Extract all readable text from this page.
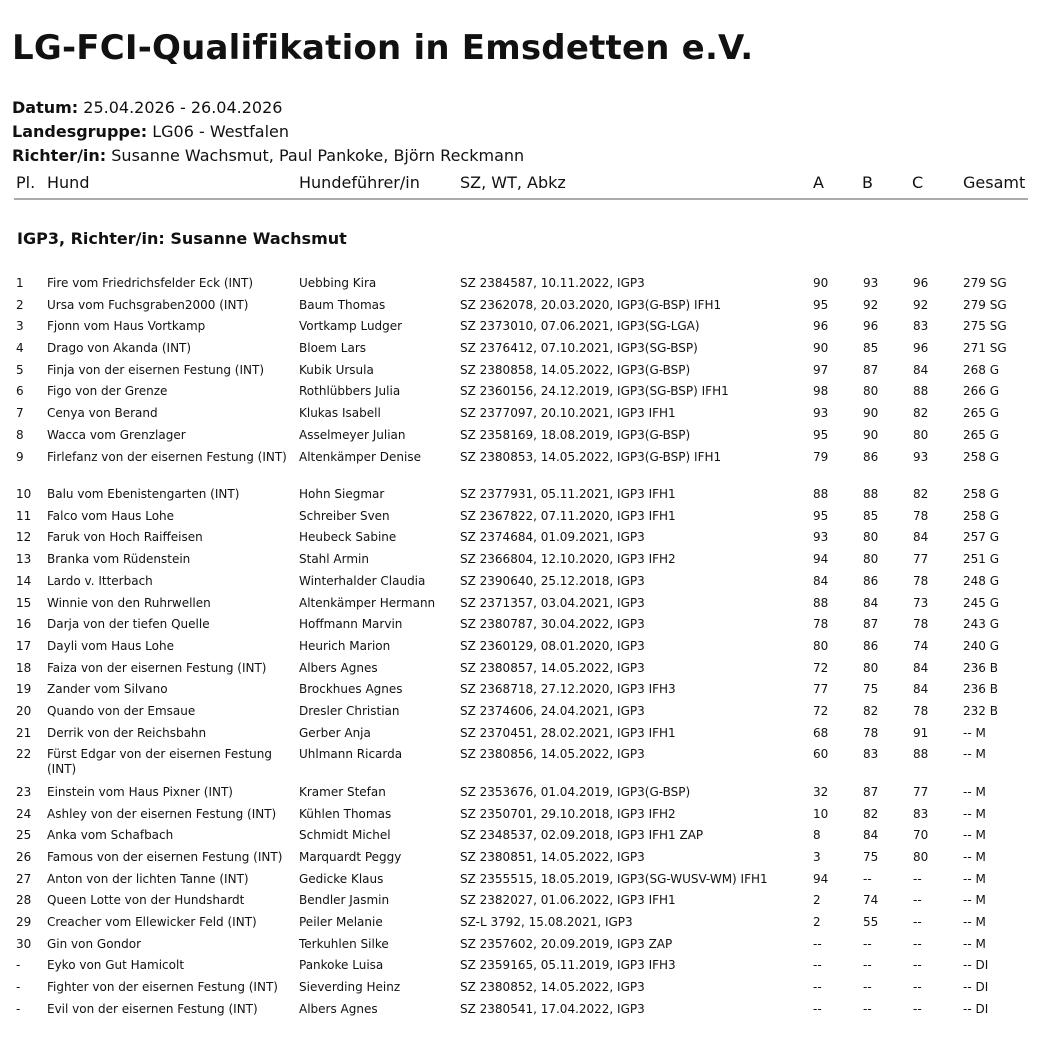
LG-FCI-Qualifikation in Emsdetten e.V.
Datum: 25.04.2026 - 26.04.2026
Landesgruppe: LG06 - Westfalen
Richter/in: Susanne Wachsmut, Paul Pankoke, Björn Reckmann
Pl. Hund	Hundeführer/in	SZ, WT, Abkz	A B C Gesamt
IGP3, Richter/in: Susanne Wachsmut
1 Fire vom Friedrichsfelder Eck (INT)	Uebbing Kira	SZ 2384587, 10.11.2022, IGP3	90	93	96	279 SG
2 Ursa vom Fuchsgraben2000 (INT)	Baum Thomas	SZ 2362078, 20.03.2020, IGP3(G-BSP) IFH1	95	92	92	279 SG
3 Fjonn vom Haus Vortkamp	Vortkamp Ludger	SZ 2373010, 07.06.2021, IGP3(SG-LGA)	96	96	83	275 SG
4 Drago von Akanda (INT)	Bloem Lars	SZ 2376412, 07.10.2021, IGP3(SG-BSP)	90	85	96	271 SG
5 Finja von der eisernen Festung (INT)	Kubik Ursula	SZ 2380858, 14.05.2022, IGP3(G-BSP)	97	87	84	268 G
6 Figo von der Grenze	Rothlübbers Julia	SZ 2360156, 24.12.2019, IGP3(SG-BSP) IFH1	98	80	88	266 G
7 Cenya von Berand	Klukas Isabell	SZ 2377097, 20.10.2021, IGP3 IFH1	93	90	82	265 G
8 Wacca vom Grenzlager	Asselmeyer Julian	SZ 2358169, 18.08.2019, IGP3(G-BSP)	95	90	80	265 G
9 Firlefanz von der eisernen Festung (INT)	Altenkämper Denise	SZ 2380853, 14.05.2022, IGP3(G-BSP) IFH1	79	86	93	258 G
10 Balu vom Ebenistengarten (INT)	Hohn Siegmar	SZ 2377931, 05.11.2021, IGP3 IFH1	88	88	82	258 G
11 Falco vom Haus Lohe	Schreiber Sven	SZ 2367822, 07.11.2020, IGP3 IFH1	95	85	78	258 G
12 Faruk von Hoch Raiffeisen	Heubeck Sabine	SZ 2374684, 01.09.2021, IGP3	93	80	84	257 G
13 Branka vom Rüdenstein	Stahl Armin	SZ 2366804, 12.10.2020, IGP3 IFH2	94	80	77	251 G
14 Lardo v. Itterbach	Winterhalder Claudia	SZ 2390640, 25.12.2018, IGP3	84	86	78	248 G
15 Winnie von den Ruhrwellen	Altenkämper Hermann SZ 2371357, 03.04.2021, IGP3	88	84	73	245 G
16 Darja von der tiefen Quelle	Hoffmann Marvin	SZ 2380787, 30.04.2022, IGP3	78	87	78	243 G
17 Dayli vom Haus Lohe	Heurich Marion	SZ 2360129, 08.01.2020, IGP3	80	86	74	240 G
18 Faiza von der eisernen Festung (INT)	Albers Agnes	SZ 2380857, 14.05.2022, IGP3	72	80	84	236 B
19 Zander vom Silvano	Brockhues Agnes	SZ 2368718, 27.12.2020, IGP3 IFH3	77	75	84	236 B
20 Quando von der Emsaue	Dresler Christian	SZ 2374606, 24.04.2021, IGP3	72	82	78	232 B
21 Derrik von der Reichsbahn	Gerber Anja	SZ 2370451, 28.02.2021, IGP3 IFH1	68	78	91	-- M
22 Fürst Edgar von der eisernen Festung (INT)
Uhlmann Ricarda	SZ 2380856, 14.05.2022, IGP3	60	83	88	-- M
23 Einstein vom Haus Pixner (INT)	Kramer Stefan	SZ 2353676, 01.04.2019, IGP3(G-BSP)	32	87	77	-- M
24 Ashley von der eisernen Festung (INT)	Kühlen Thomas	SZ 2350701, 29.10.2018, IGP3 IFH2	10	82	83	-- M
25 Anka vom Schafbach	Schmidt Michel	SZ 2348537, 02.09.2018, IGP3 IFH1 ZAP	8	84	70	-- M
26 Famous von der eisernen Festung (INT)	Marquardt Peggy	SZ 2380851, 14.05.2022, IGP3	3	75	80	-- M
27 Anton von der lichten Tanne (INT)	Gedicke Klaus	SZ 2355515, 18.05.2019, IGP3(SG-WUSV-WM) IFH1	94	--	--	-- M
28 Queen Lotte von der Hundshardt	Bendler Jasmin	SZ 2382027, 01.06.2022, IGP3 IFH1	2	74	--	-- M
29 Creacher vom Ellewicker Feld (INT)	Peiler Melanie	SZ-L 3792, 15.08.2021, IGP3	2	55	--	-- M
30 Gin von Gondor	Terkuhlen Silke	SZ 2357602, 20.09.2019, IGP3 ZAP	--	--	--	-- M
- Eyko von Gut Hamicolt	Pankoke Luisa	SZ 2359165, 05.11.2019, IGP3 IFH3	--	--	--	-- DI
- Fighter von der eisernen Festung (INT)	Sieverding Heinz	SZ 2380852, 14.05.2022, IGP3	--	--	--	-- DI
- Evil von der eisernen Festung (INT)	Albers Agnes	SZ 2380541, 17.04.2022, IGP3	--	--	--	-- DI
